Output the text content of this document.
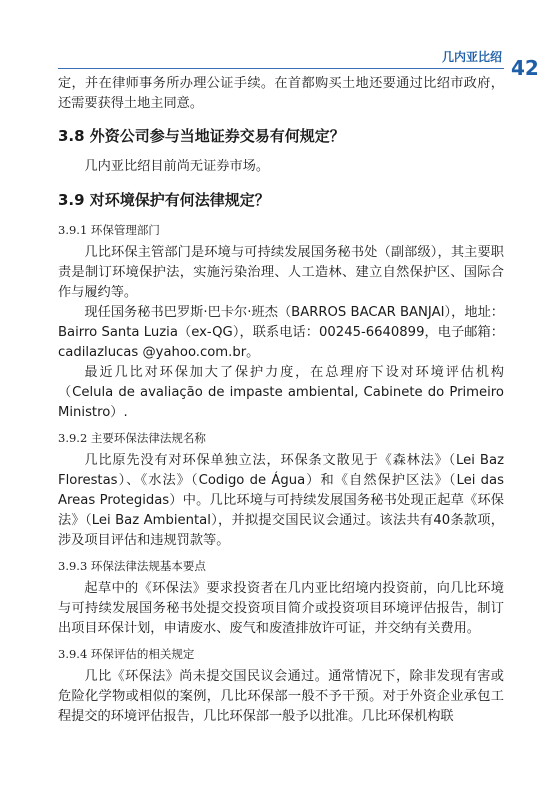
几内亚比绍 42

定，并在律师事务所办理公证手续。在首都购买土地还要通过比绍市政府，还需要获得土地主同意。

3.8 外资公司参与当地证券交易有何规定？

几内亚比绍目前尚无证券市场。

3.9 对环境保护有何法律规定？
3.9.1 环保管理部门

几比环保主管部门是环境与可持续发展国务秘书处（副部级），其主要职责是制订环境保护法，实施污染治理、人工造林、建立自然保护区、国际合作与履约等。

现任国务秘书巴罗斯·巴卡尔·班杰（BARROS BACAR BANJAI），地址：Bairro Santa Luzia（ex-QG），联系电话：00245-6640899，电子邮箱：cadilazlucas @yahoo.com.br。

最近几比对环保加大了保护力度，在总理府下设对环境评估机构（Celula de avaliação de impaste ambiental, Cabinete do Primeiro Ministro）.

3.9.2 主要环保法律法规名称

几比原先没有对环保单独立法，环保条文散见于《森林法》（Lei Baz Florestas）、《水法》（Codigo de Água）和《自然保护区法》（Lei das Areas Protegidas）中。几比环境与可持续发展国务秘书处现正起草《环保法》（Lei Baz Ambiental），并拟提交国民议会通过。该法共有40条款项，涉及项目评估和违规罚款等。

3.9.3 环保法律法规基本要点

起草中的《环保法》要求投资者在几内亚比绍境内投资前，向几比环境与可持续发展国务秘书处提交投资项目简介或投资项目环境评估报告，制订出项目环保计划，申请废水、废气和废渣排放许可证，并交纳有关费用。

3.9.4 环保评估的相关规定

几比《环保法》尚未提交国民议会通过。通常情况下，除非发现有害或危险化学物或相似的案例，几比环保部一般不予干预。对于外资企业承包工程提交的环境评估报告，几比环保部一般予以批准。几比环保机构联
